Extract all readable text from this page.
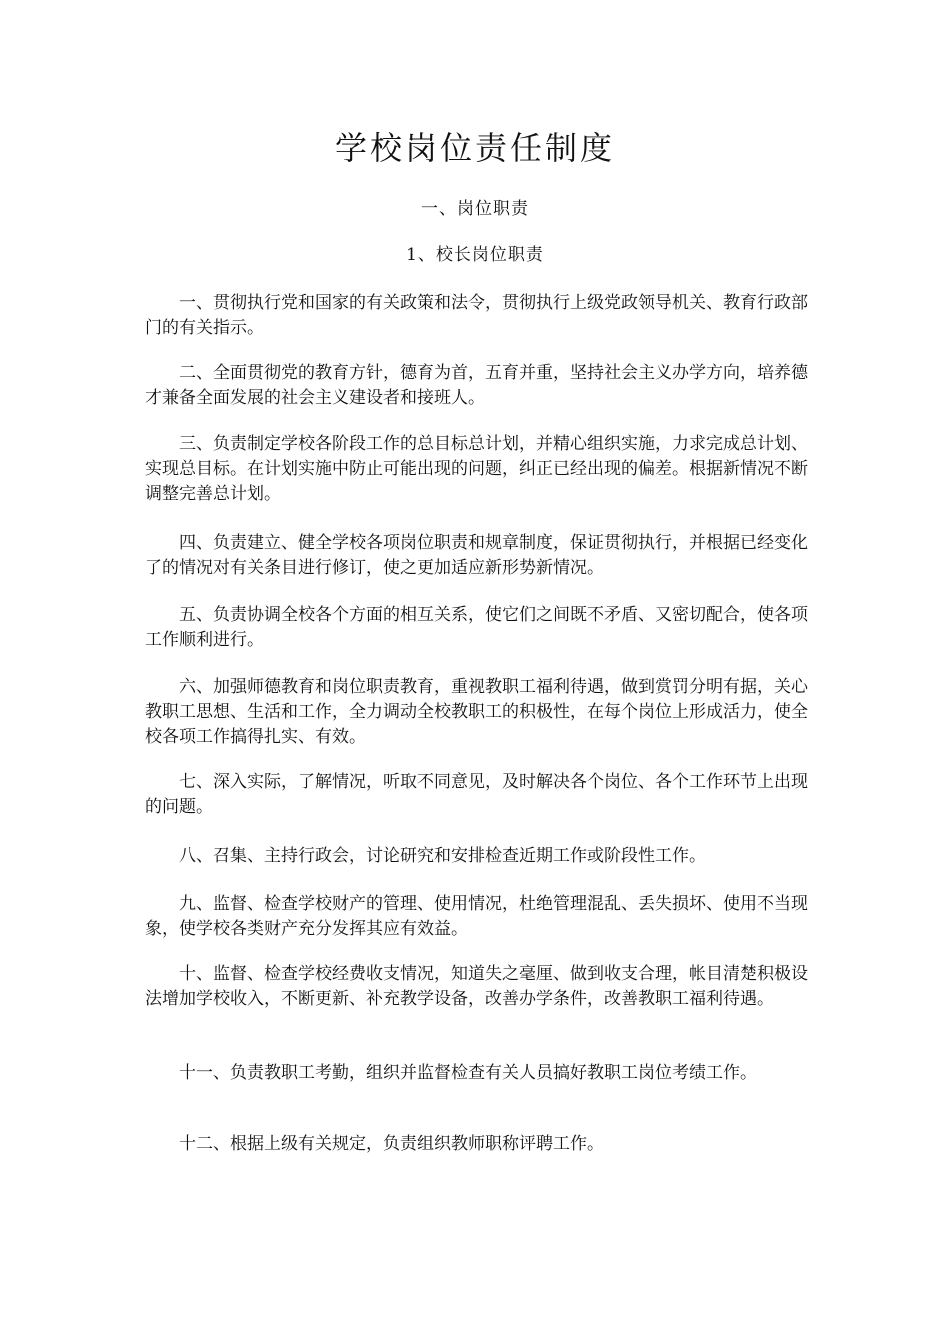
学校岗位责任制度
一、岗位职责
1、校长岗位职责

一、贯彻执行党和国家的有关政策和法令，贯彻执行上级党政领导机关、教育行政部门的有关指示。

二、全面贯彻党的教育方针，德育为首，五育并重，坚持社会主义办学方向，培养德才兼备全面发展的社会主义建设者和接班人。

三、负责制定学校各阶段工作的总目标总计划，并精心组织实施，力求完成总计划、实现总目标。在计划实施中防止可能出现的问题，纠正已经出现的偏差。根据新情况不断调整完善总计划。

四、负责建立、健全学校各项岗位职责和规章制度，保证贯彻执行，并根据已经变化了的情况对有关条目进行修订，使之更加适应新形势新情况。

五、负责协调全校各个方面的相互关系，使它们之间既不矛盾、又密切配合，使各项工作顺利进行。

六、加强师德教育和岗位职责教育，重视教职工福利待遇，做到赏罚分明有据，关心教职工思想、生活和工作，全力调动全校教职工的积极性，在每个岗位上形成活力，使全校各项工作搞得扎实、有效。

七、深入实际，了解情况，听取不同意见，及时解决各个岗位、各个工作环节上出现的问题。

八、召集、主持行政会，讨论研究和安排检查近期工作或阶段性工作。

九、监督、检查学校财产的管理、使用情况，杜绝管理混乱、丢失损坏、使用不当现象，使学校各类财产充分发挥其应有效益。

十、监督、检查学校经费收支情况，知道失之毫厘、做到收支合理，帐目清楚积极设法增加学校收入，不断更新、补充教学设备，改善办学条件，改善教职工福利待遇。

十一、负责教职工考勤，组织并监督检查有关人员搞好教职工岗位考绩工作。

十二、根据上级有关规定，负责组织教师职称评聘工作。
